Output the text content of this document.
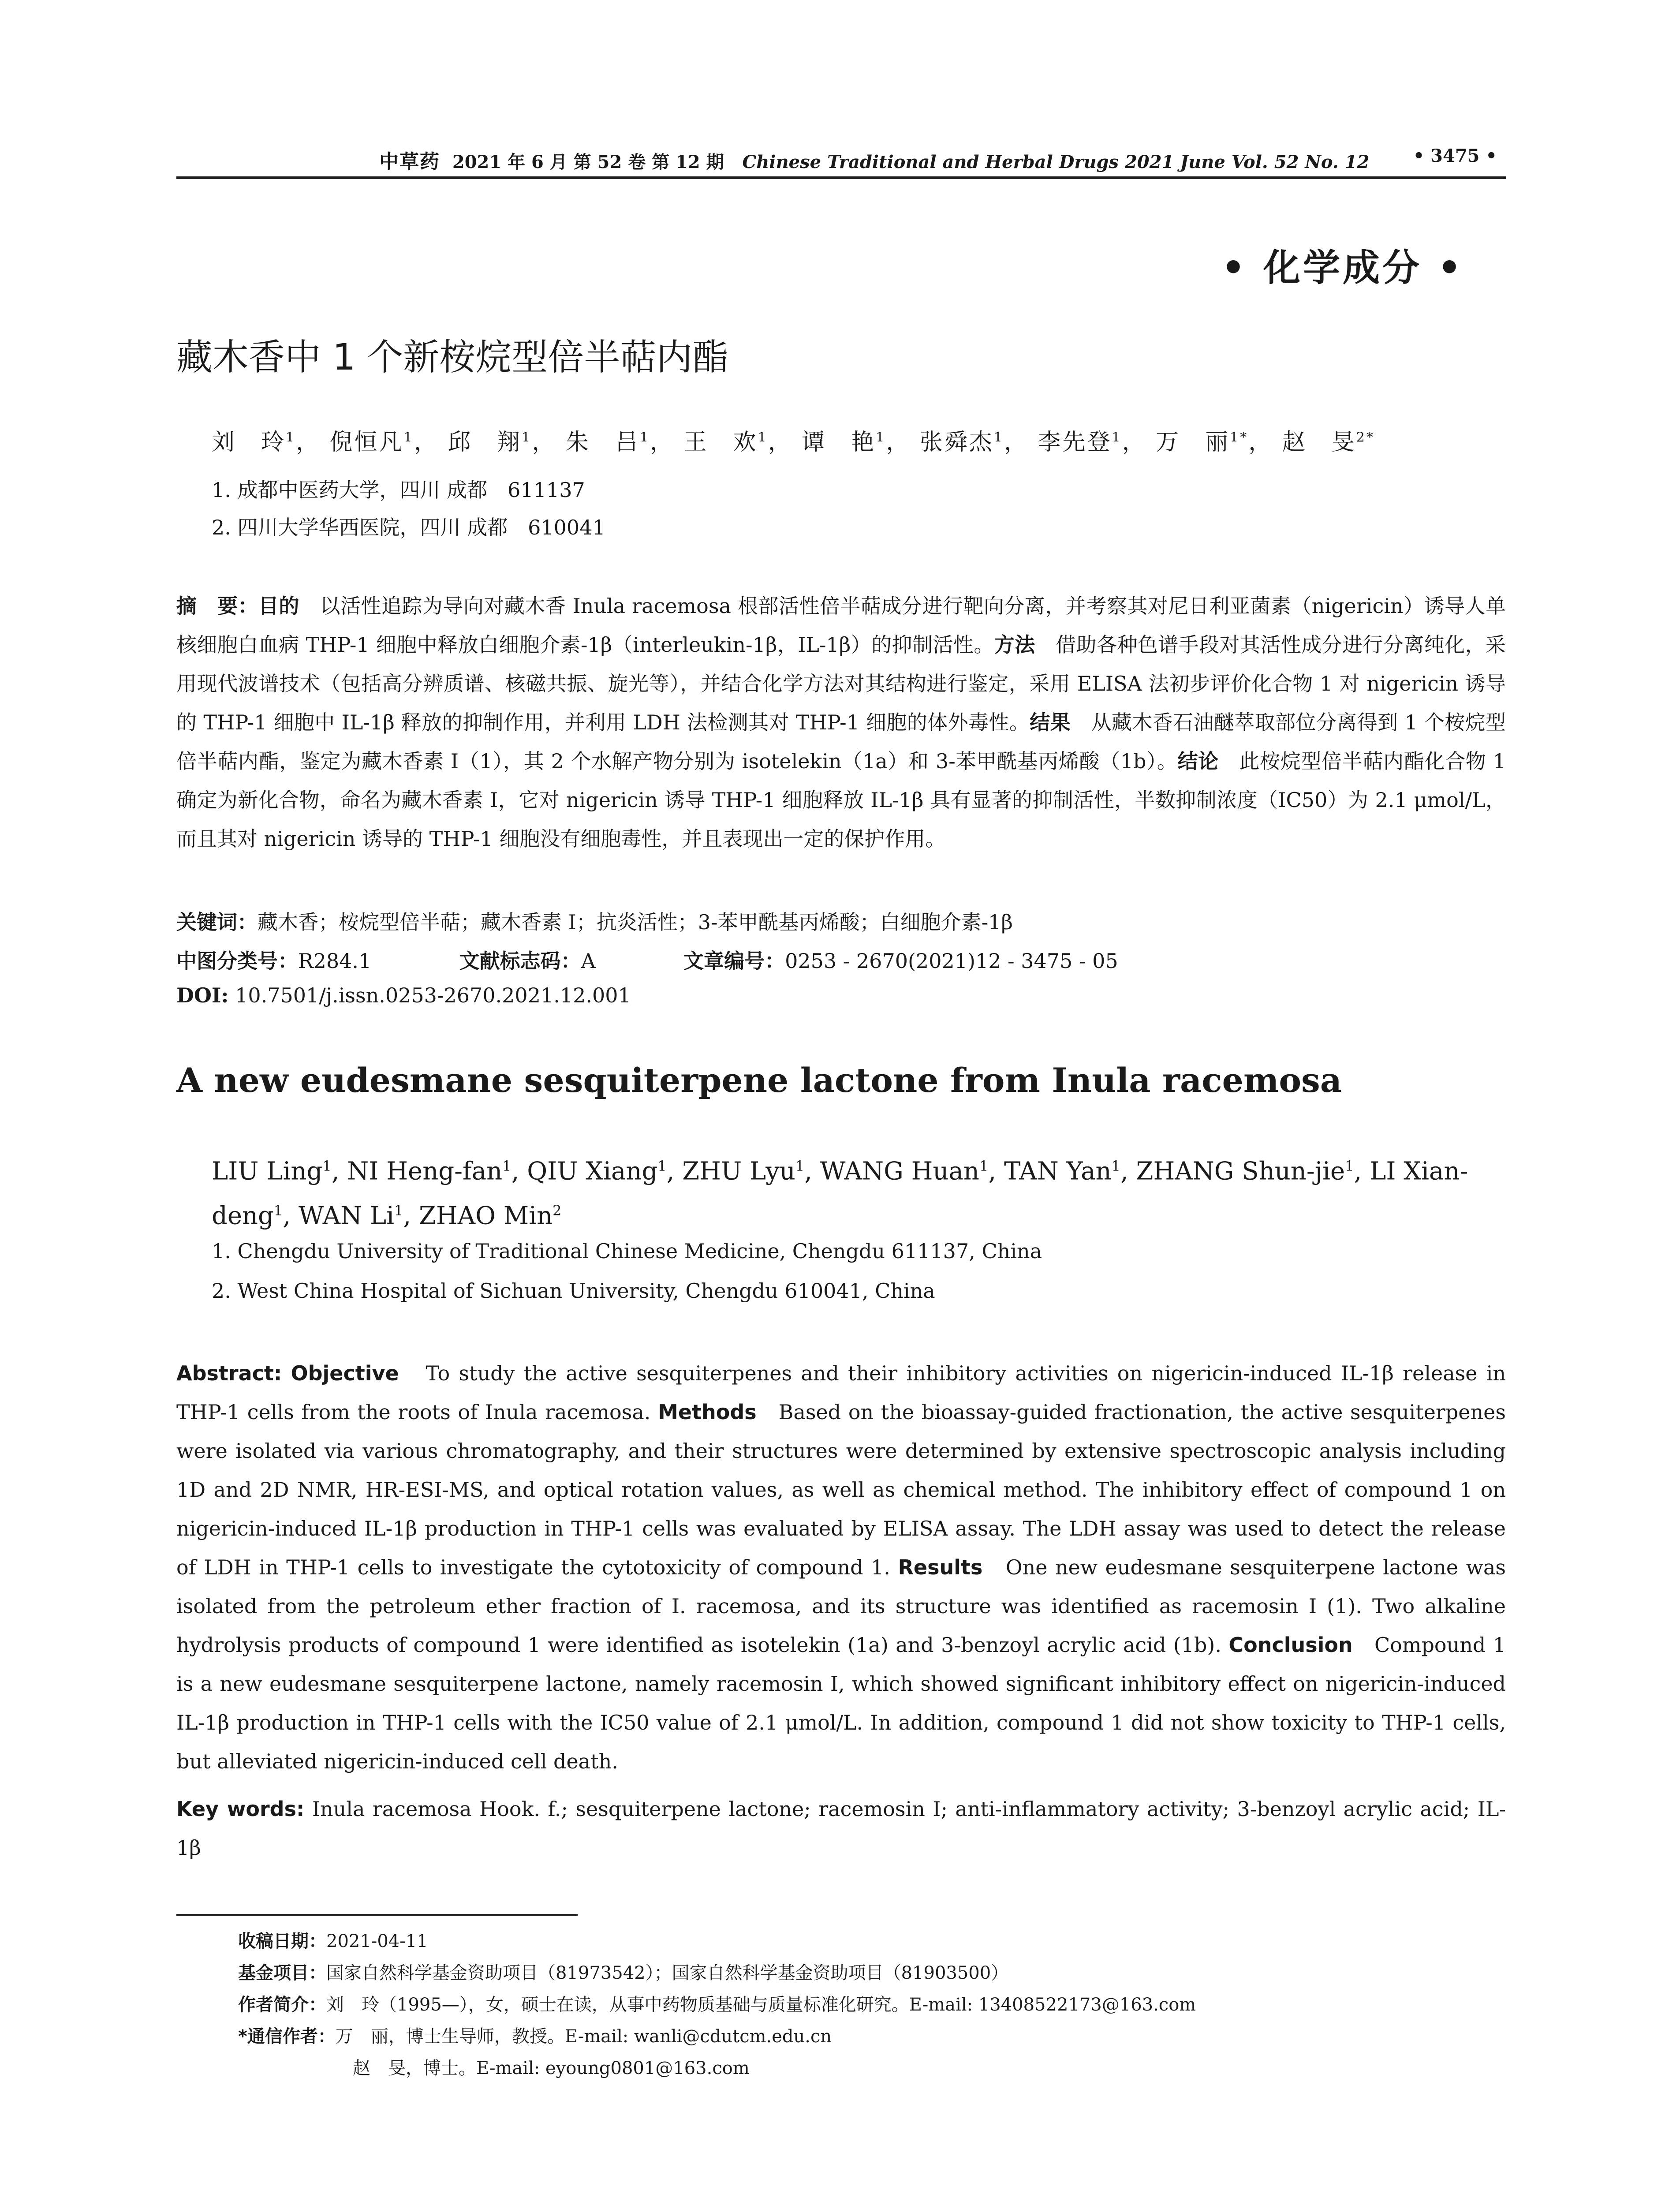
中草药 2021 年 6 月 第 52 卷 第 12 期 Chinese Traditional and Herbal Drugs 2021 June Vol. 52 No. 12 • 3475 •
• 化学成分 •
藏木香中 1 个新桉烷型倍半萜内酯
刘　玲$^1$， 倪恒凡$^1$， 邱　翔$^1$， 朱　吕$^1$， 王　欢$^1$， 谭　艳$^1$， 张舜杰$^1$， 李先登$^1$， 万　丽$^{1*}$， 赵　旻$^{2*}$
1. 成都中医药大学，四川 成都　611137
2. 四川大学华西医院，四川 成都　610041
摘　要：目的　 以活性追踪为导向对藏木香 Inula racemosa 根部活性倍半萜成分进行靶向分离，并考察其对尼日利亚菌素（nigericin）诱导人单核细胞白血病 THP-1 细胞中释放白细胞介素-1β（interleukin-1β，IL-1β）的抑制活性。方法　 借助各种色谱手段对其活性成分进行分离纯化，采用现代波谱技术（包括高分辨质谱、核磁共振、旋光等），并结合化学方法对其结构进行鉴定，采用 ELISA 法初步评价化合物 1 对 nigericin 诱导的 THP-1 细胞中 IL-1β 释放的抑制作用，并利用 LDH 法检测其对 THP-1 细胞的体外毒性。结果　 从藏木香石油醚萃取部位分离得到 1 个桉烷型倍半萜内酯，鉴定为藏木香素 I（1），其 2 个水解产物分别为 isotelekin（1a）和 3-苯甲酰基丙烯酸（1b）。结论　 此桉烷型倍半萜内酯化合物 1 确定为新化合物，命名为藏木香素 I，它对 nigericin 诱导 THP-1 细胞释放 IL-1β 具有显著的抑制活性，半数抑制浓度（IC50）为 2.1 μmol/L，而且其对 nigericin 诱导的 THP-1 细胞没有细胞毒性，并且表现出一定的保护作用。
关键词：藏木香；桉烷型倍半萜；藏木香素 I；抗炎活性；3-苯甲酰基丙烯酸；白细胞介素-1β
中图分类号：R284.1	文献标志码：A	文章编号：0253 - 2670(2021)12 - 3475 - 05
DOI: 10.7501/j.issn.0253-2670.2021.12.001
A new eudesmane sesquiterpene lactone from Inula racemosa
LIU Ling$^1$, NI Heng-fan$^1$, QIU Xiang$^1$, ZHU Lyu$^1$, WANG Huan$^1$, TAN Yan$^1$, ZHANG Shun-jie$^1$, LI Xian-deng$^1$, WAN Li$^1$, ZHAO Min$^2$
1. Chengdu University of Traditional Chinese Medicine, Chengdu 611137, China
2. West China Hospital of Sichuan University, Chengdu 610041, China
Abstract: Objective To study the active sesquiterpenes and their inhibitory activities on nigericin-induced IL-1β release in THP-1 cells from the roots of Inula racemosa. Methods Based on the bioassay-guided fractionation, the active sesquiterpenes were isolated via various chromatography, and their structures were determined by extensive spectroscopic analysis including 1D and 2D NMR, HR-ESI-MS, and optical rotation values, as well as chemical method. The inhibitory effect of compound 1 on nigericin-induced IL-1β production in THP-1 cells was evaluated by ELISA assay. The LDH assay was used to detect the release of LDH in THP-1 cells to investigate the cytotoxicity of compound 1. Results One new eudesmane sesquiterpene lactone was isolated from the petroleum ether fraction of I. racemosa, and its structure was identified as racemosin I (1). Two alkaline hydrolysis products of compound 1 were identified as isotelekin (1a) and 3-benzoyl acrylic acid (1b). Conclusion Compound 1 is a new eudesmane sesquiterpene lactone, namely racemosin I, which showed significant inhibitory effect on nigericin-induced IL-1β production in THP-1 cells with the IC50 value of 2.1 μmol/L. In addition, compound 1 did not show toxicity to THP-1 cells, but alleviated nigericin-induced cell death.
Key words: Inula racemosa Hook. f.; sesquiterpene lactone; racemosin I; anti-inflammatory activity; 3-benzoyl acrylic acid; IL-1β
收稿日期：2021-04-11
基金项目：国家自然科学基金资助项目（81973542）；国家自然科学基金资助项目（81903500）
作者简介：刘　玲（1995—），女，硕士在读，从事中药物质基础与质量标准化研究。E-mail: 13408522173@163.com
*通信作者：万　丽，博士生导师，教授。E-mail: wanli@cdutcm.edu.cn
赵　旻，博士。E-mail: eyoung0801@163.com
